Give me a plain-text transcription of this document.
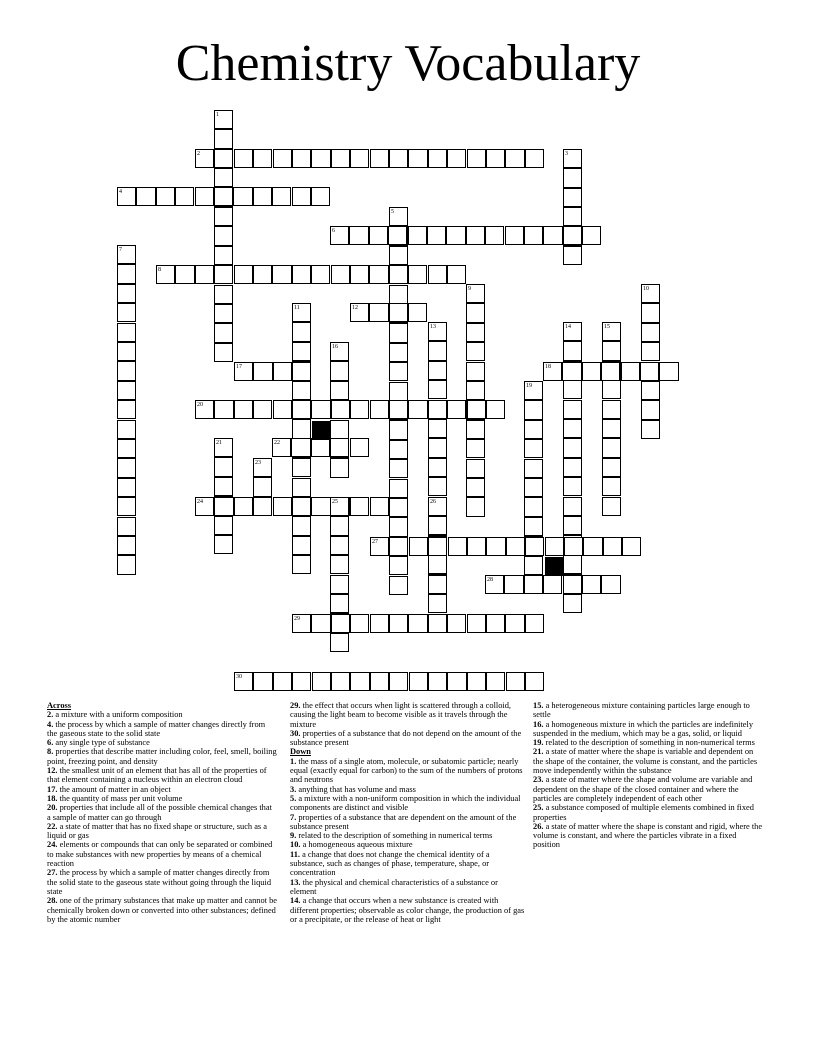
Chemistry Vocabulary
1
2	3
4
5
6
7
8
9	10
11	12
13	14	15
16
17	18
19
20
21	22
23
24	25	26
27
28
29
30

Across

2. a mixture with a uniform composition

4. the process by which a sample of matter changes directly from the gaseous state to the solid state

6. any single type of substance

8. properties that describe matter including color, feel, smell, boiling point, freezing point, and density

12. the smallest unit of an element that has all of the properties of that element containing a nucleus within an electron cloud

17. the amount of matter in an object

18. the quantity of mass per unit volume

20. properties that include all of the possible chemical changes that a sample of matter can go through

22. a state of matter that has no fixed shape or structure, such as a liquid or gas

24. elements or compounds that can only be separated or combined to make substances with new properties by means of a chemical reaction

27. the process by which a sample of matter changes directly from the solid state to the gaseous state without going through the liquid state

28. one of the primary substances that make up matter and cannot be chemically broken down or converted into other substances; defined by the atomic number

29. the effect that occurs when light is scattered through a colloid, causing the light beam to become visible as it travels through the mixture

30. properties of a substance that do not depend on the amount of the substance present

Down

1. the mass of a single atom, molecule, or subatomic particle; nearly equal (exactly equal for carbon) to the sum of the numbers of protons and neutrons

3. anything that has volume and mass

5. a mixture with a non-uniform composition in which the individual components are distinct and visible

7. properties of a substance that are dependent on the amount of the substance present

9. related to the description of something in numerical terms

10. a homogeneous aqueous mixture

11. a change that does not change the chemical identity of a substance, such as changes of phase, temperature, shape, or concentration

13. the physical and chemical characteristics of a substance or element

14. a change that occurs when a new substance is created with different properties; observable as color change, the production of gas or a precipitate, or the release of heat or light

15. a heterogeneous mixture containing particles large enough to settle

16. a homogeneous mixture in which the particles are indefinitely suspended in the medium, which may be a gas, solid, or liquid

19. related to the description of something in non-numerical terms

21. a state of matter where the shape is variable and dependent on the shape of the container, the volume is constant, and the particles move independently within the substance

23. a state of matter where the shape and volume are variable and dependent on the shape of the closed container and where the particles are completely independent of each other

25. a substance composed of multiple elements combined in fixed properties

26. a state of matter where the shape is constant and rigid, where the volume is constant, and where the particles vibrate in a fixed position
